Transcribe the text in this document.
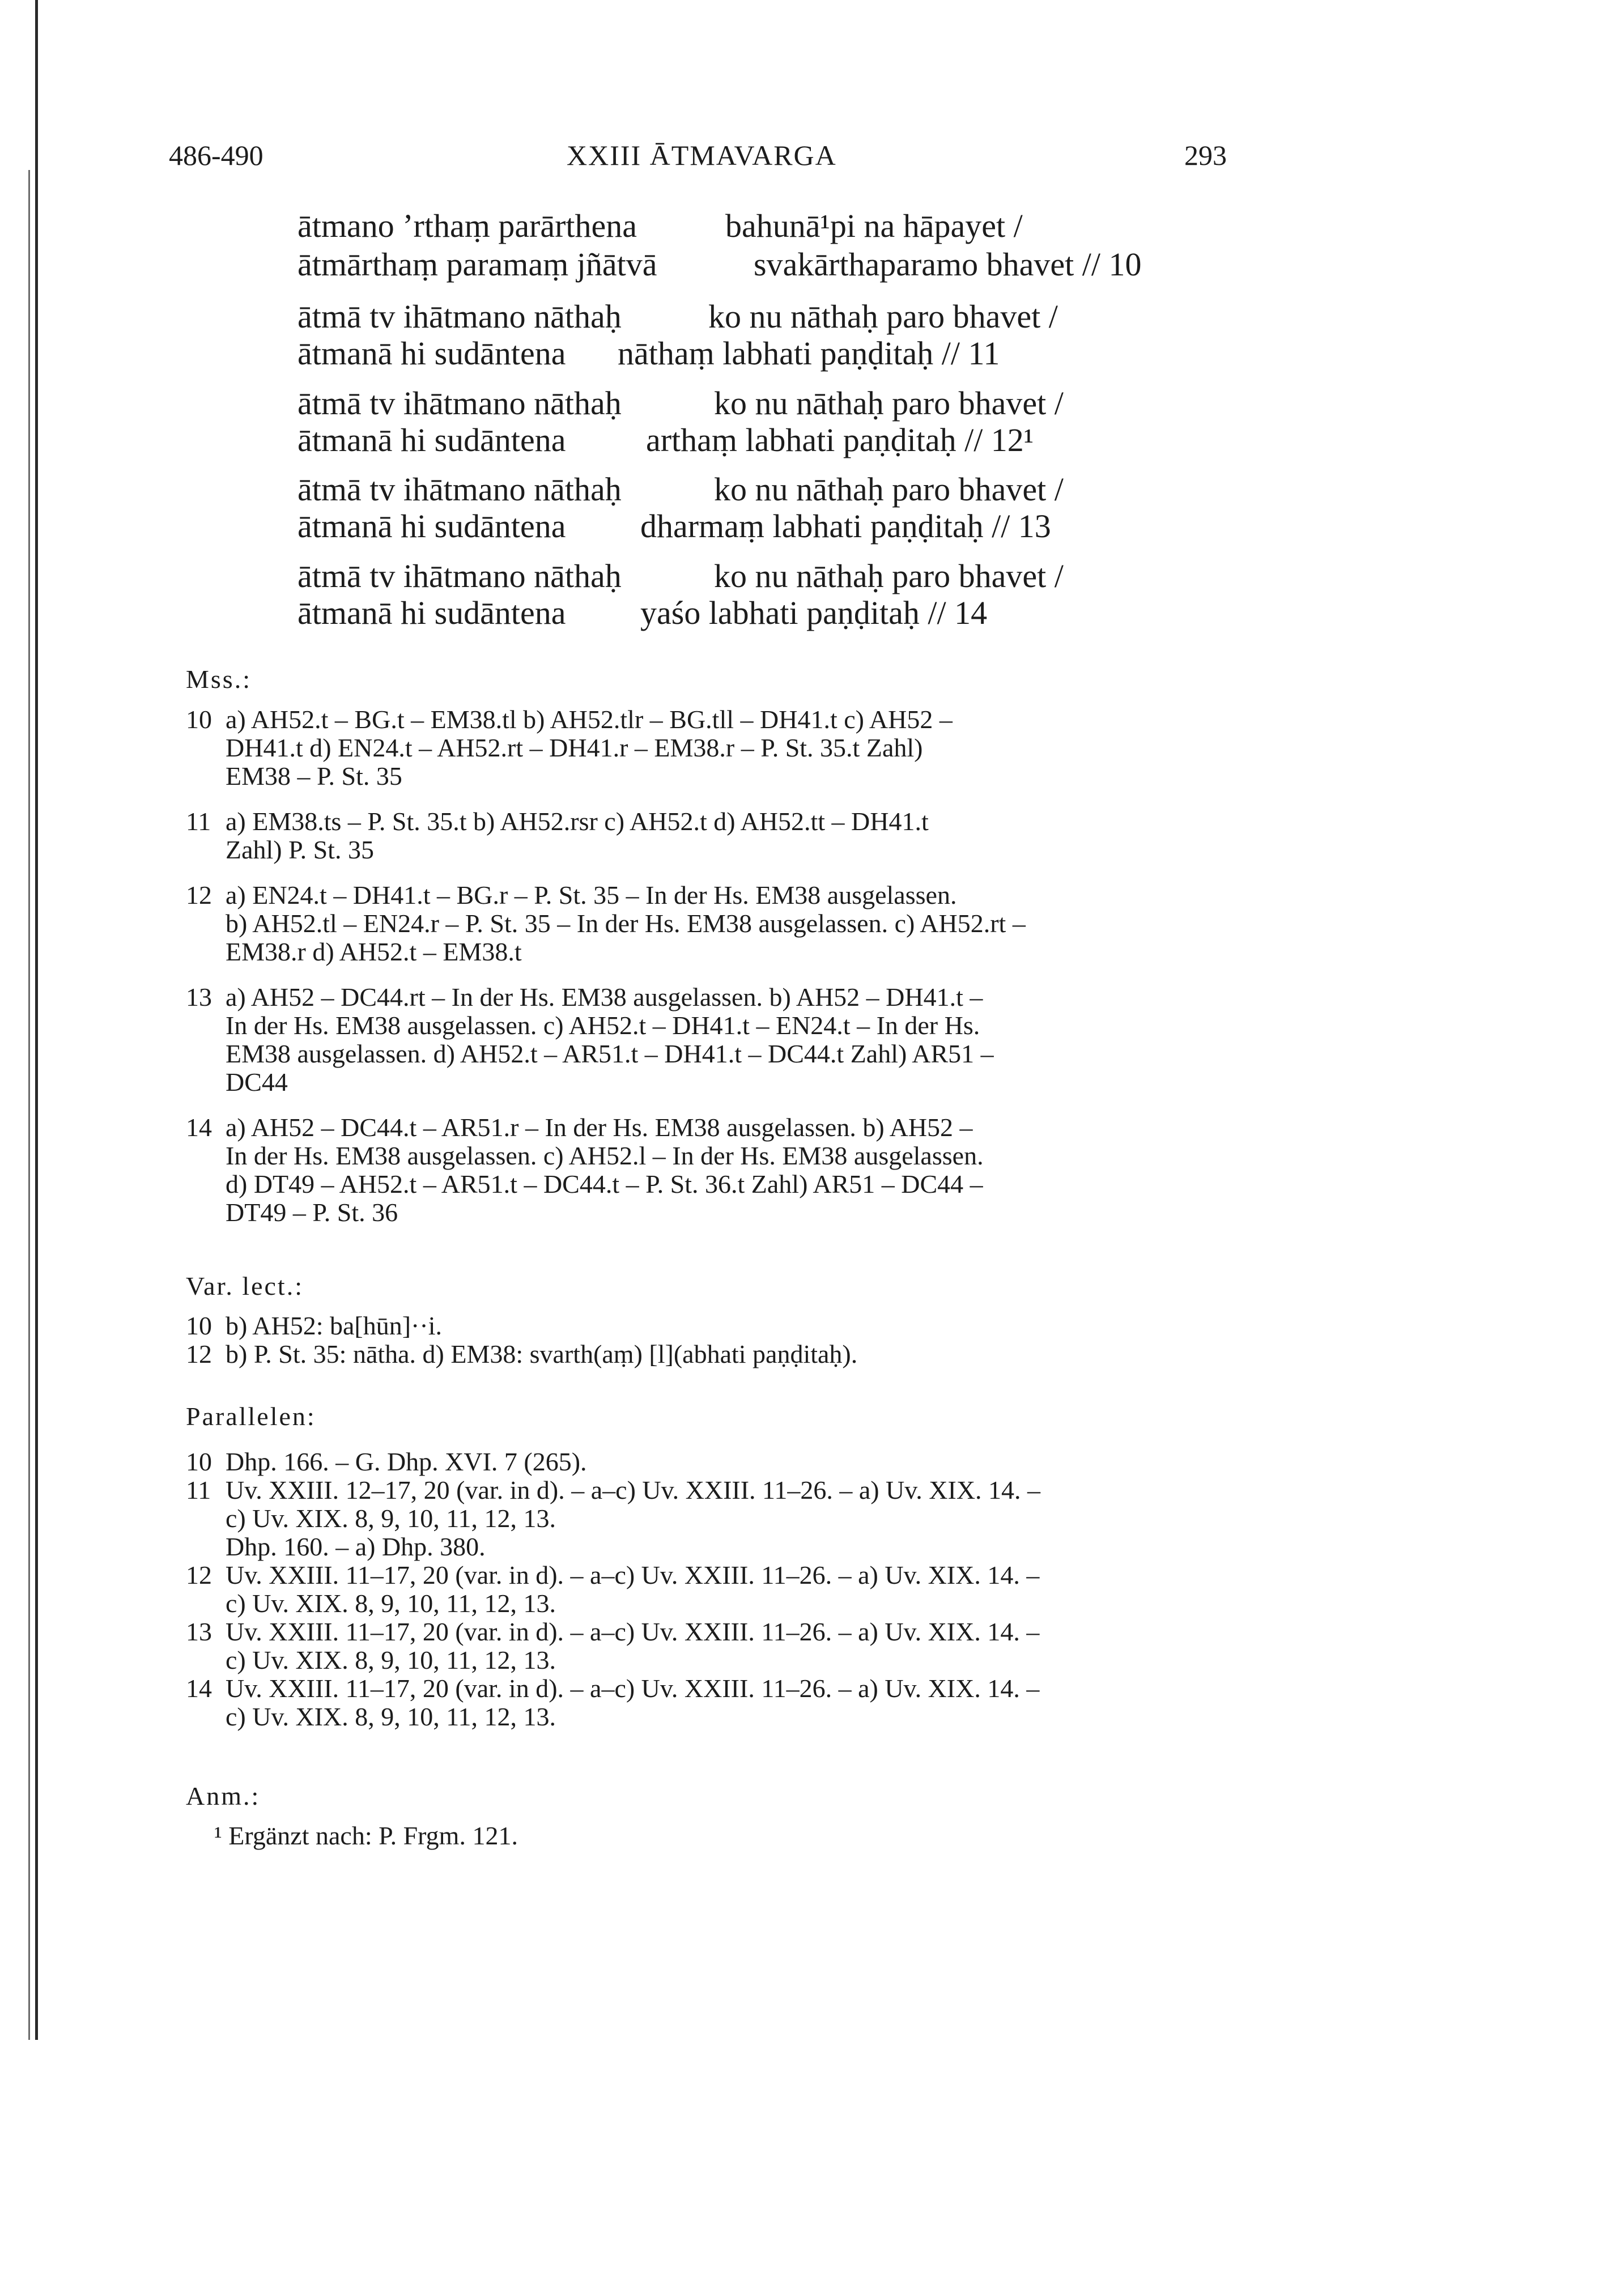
486-490	XXIII ĀTMAVARGA	293
ātmano ’rthaṃ parārthena	bahunā¹pi na hāpayet /
ātmārthaṃ paramaṃ jñātvā	svakārthaparamo bhavet // 10
ātmā tv ihātmano nāthaḥ	ko nu nāthaḥ paro bhavet /
ātmanā hi sudāntena nāthaṃ labhati paṇḍitaḥ // 11
ātmā tv ihātmano nāthaḥ	ko nu nāthaḥ paro bhavet /
ātmanā hi sudāntena arthaṃ labhati paṇḍitaḥ // 12¹
ātmā tv ihātmano nāthaḥ	ko nu nāthaḥ paro bhavet /
ātmanā hi sudāntena dharmaṃ labhati paṇḍitaḥ // 13
ātmā tv ihātmano nāthaḥ	ko nu nāthaḥ paro bhavet /
ātmanā hi sudāntena yaśo labhati paṇḍitaḥ // 14
Mss.:
10 a) AH52.t – BG.t – EM38.tl b) AH52.tlr – BG.tll – DH41.t c) AH52 –
DH41.t d) EN24.t – AH52.rt – DH41.r – EM38.r – P. St. 35.t Zahl)
EM38 – P. St. 35
11 a) EM38.ts – P. St. 35.t b) AH52.rsr c) AH52.t d) AH52.tt – DH41.t
Zahl) P. St. 35
12 a) EN24.t – DH41.t – BG.r – P. St. 35 – In der Hs. EM38 ausgelassen.
b) AH52.tl – EN24.r – P. St. 35 – In der Hs. EM38 ausgelassen. c) AH52.rt –
EM38.r d) AH52.t – EM38.t
13 a) AH52 – DC44.rt – In der Hs. EM38 ausgelassen. b) AH52 – DH41.t –
In der Hs. EM38 ausgelassen. c) AH52.t – DH41.t – EN24.t – In der Hs.
EM38 ausgelassen. d) AH52.t – AR51.t – DH41.t – DC44.t Zahl) AR51 –
DC44
14 a) AH52 – DC44.t – AR51.r – In der Hs. EM38 ausgelassen. b) AH52 –
In der Hs. EM38 ausgelassen. c) AH52.l – In der Hs. EM38 ausgelassen.
d) DT49 – AH52.t – AR51.t – DC44.t – P. St. 36.t Zahl) AR51 – DC44 –
DT49 – P. St. 36
Var. lect.:
10 b) AH52: ba[hūn]··i.
12 b) P. St. 35: nātha. d) EM38: svarth(aṃ) [l](abhati paṇḍitaḥ).
Parallelen:
10 Dhp. 166. – G. Dhp. XVI. 7 (265).
11 Uv. XXIII. 12–17, 20 (var. in d). – a–c) Uv. XXIII. 11–26. – a) Uv. XIX. 14. –
c) Uv. XIX. 8, 9, 10, 11, 12, 13.
Dhp. 160. – a) Dhp. 380.
12 Uv. XXIII. 11–17, 20 (var. in d). – a–c) Uv. XXIII. 11–26. – a) Uv. XIX. 14. –
c) Uv. XIX. 8, 9, 10, 11, 12, 13.
13 Uv. XXIII. 11–17, 20 (var. in d). – a–c) Uv. XXIII. 11–26. – a) Uv. XIX. 14. –
c) Uv. XIX. 8, 9, 10, 11, 12, 13.
14 Uv. XXIII. 11–17, 20 (var. in d). – a–c) Uv. XXIII. 11–26. – a) Uv. XIX. 14. –
c) Uv. XIX. 8, 9, 10, 11, 12, 13.
Anm.:
¹ Ergänzt nach: P. Frgm. 121.
